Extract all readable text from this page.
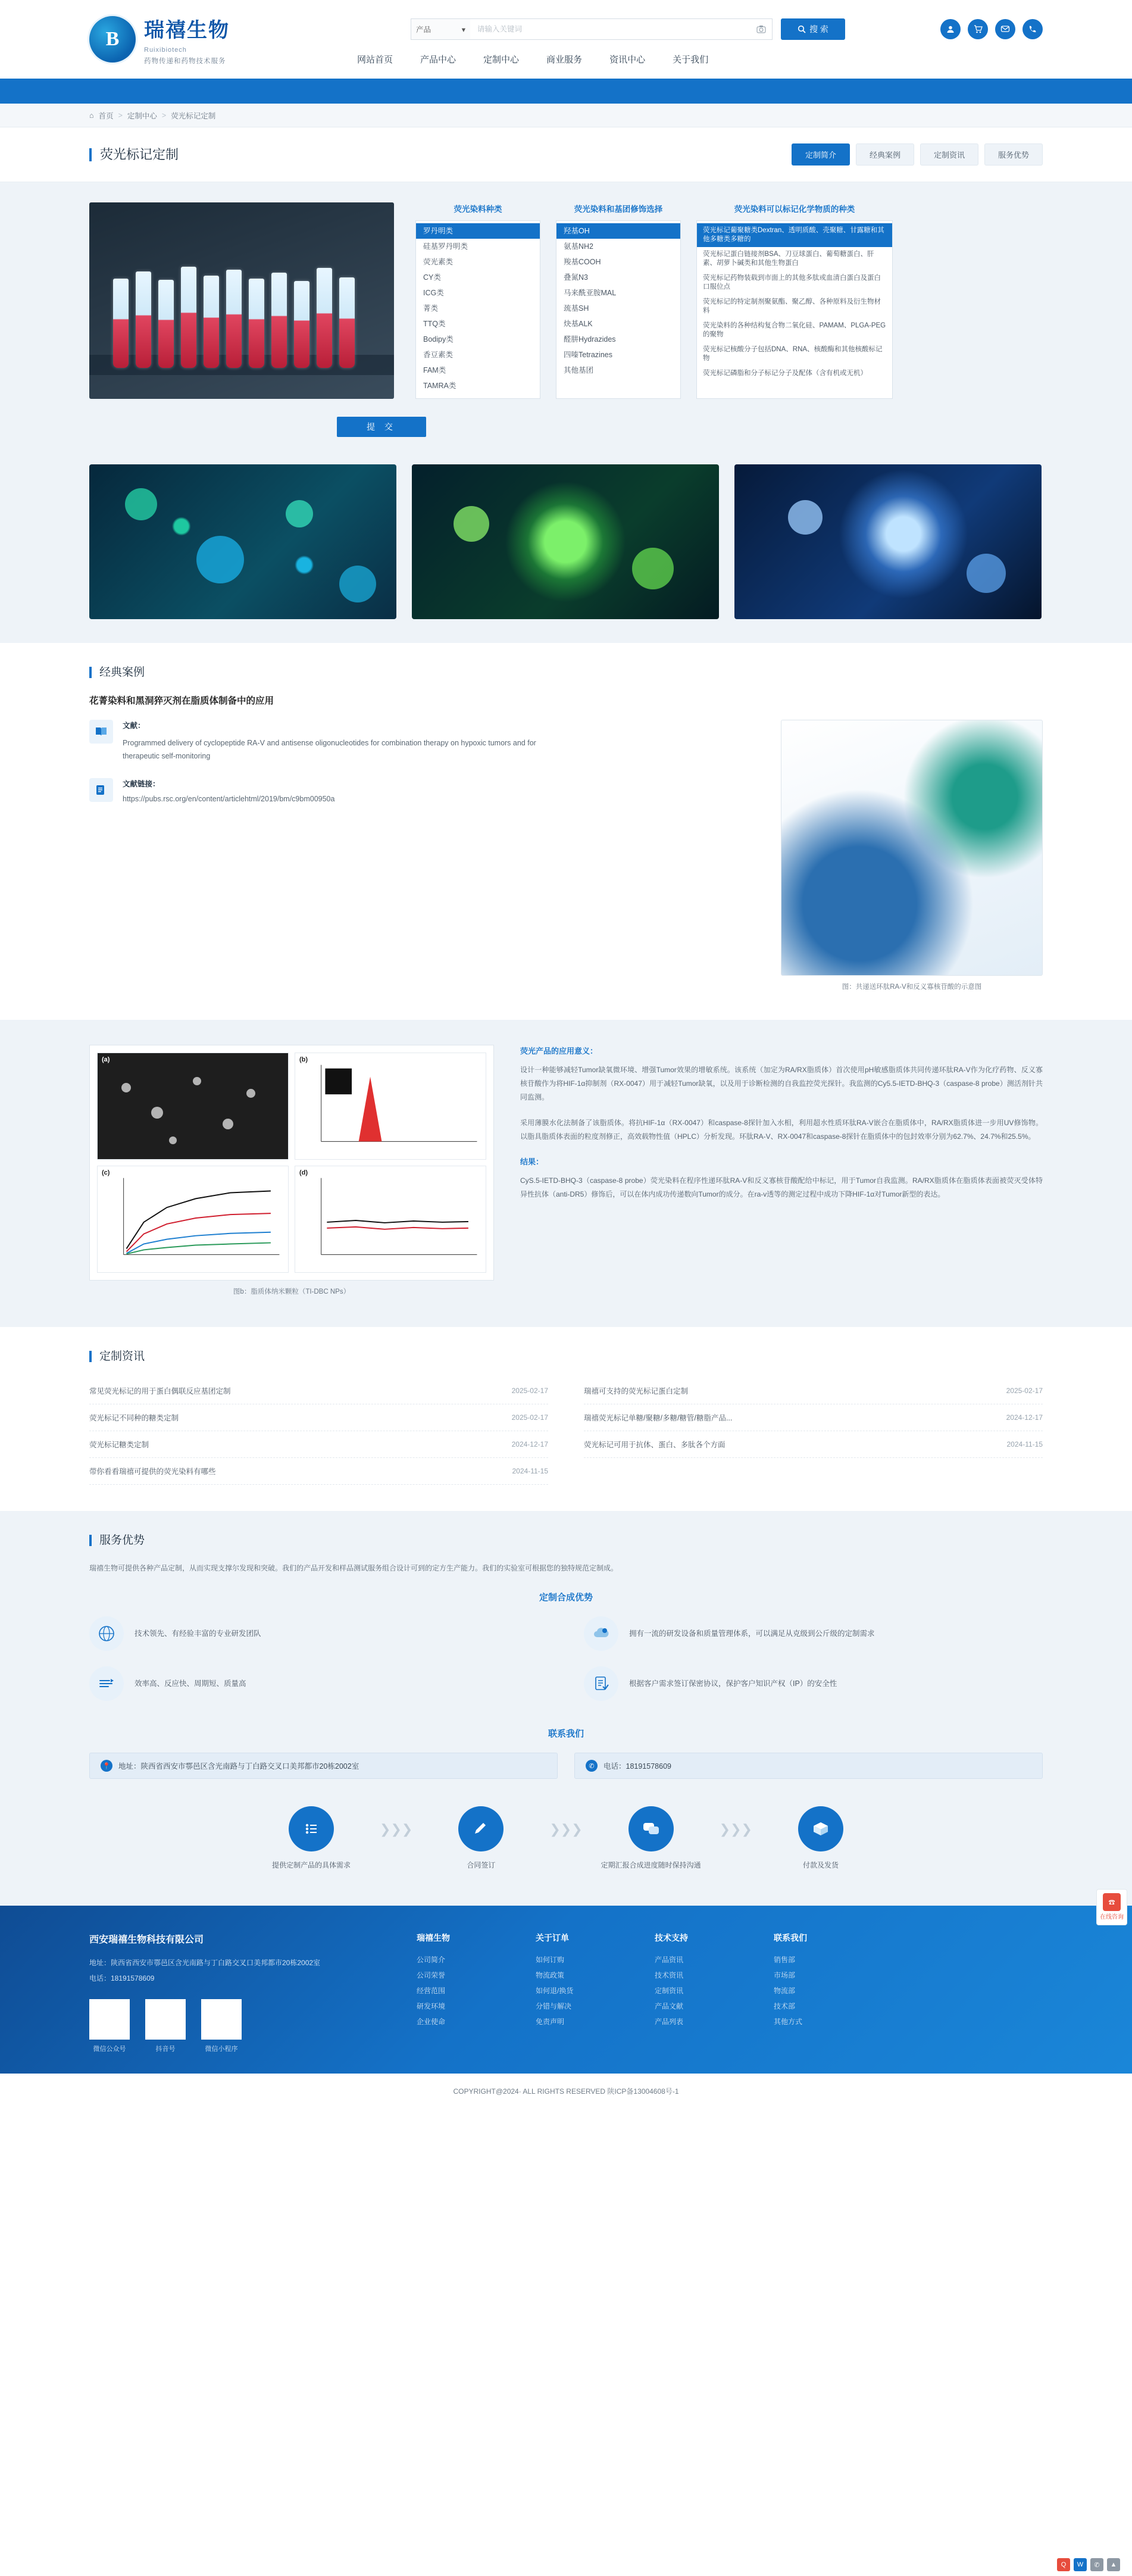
B	瑞禧生物
Ruixibiotech
药物传递和药物技术服务
产品	▾
请输入关键词	搜 索
网站首页	产品中心	定制中心	商业服务	资讯中心	关于我们
⌂ 首页 > 定制中心 > 荧光标记定制
荧光标记定制	定制简介	经典案例	定制资讯	服务优势
荧光染料种类
罗丹明类
硅基罗丹明类
荧光素类
CY类
ICG类
菁类
TTQ类
Bodipy类
香豆素类
FAM类
TAMRA类
荧光染料和基团修饰选择
羟基OH
氨基NH2
羧基COOH
叠氮N3
马来酰亚胺MAL
巯基SH
炔基ALK
醛肼Hydrazides
四嗪Tetrazines
其他基团
荧光染料可以标记化学物质的种类
荧光标记葡聚糖类Dextran、透明质酸、壳聚糖、甘露糖和其他多糖类多糖的
荧光标记蛋白链接剂BSA、刀豆球蛋白、葡萄糖蛋白、肝素、胡萝卜碱类和其他生物蛋白
荧光标记药物装载到市面上的其他多肽或血清白蛋白及蛋白口服位点
荧光标记的特定制剂聚氨酯、聚乙醇、各种原料及衍生物材料
荧光染料的各种结构复合物二氧化硅、PAMAM、PLGA-PEG的聚物
荧光标记核酸分子包括DNA、RNA、核酸酶和其他核酸标记物
荧光标记磷脂和分子标记分子及配体（含有机或无机）
提 交
经典案例
花菁染料和黑洞猝灭剂在脂质体制备中的应用
文献：
Programmed delivery of cyclopeptide RA-V and antisense oligonucleotides for combination therapy on hypoxic tumors and for therapeutic self-monitoring
文献链接：
https://pubs.rsc.org/en/content/articlehtml/2019/bm/c9bm00950a
图：共递送环肽RA-V和反义寡核苷酸的示意图
(a)	(b)
(c)	(d)
图b：脂质体纳米颗粒（TI-DBC NPs）
荧光产品的应用意义：
设计一种能够减轻Tumor缺氧微环境、增强Tumor效果的增敏系统。该系统（加定为RA/RX脂质体）首次使用pH敏感脂质体共同传递环肽RA-V作为化疗药物、反义寡核苷酸作为将HIF-1α抑制剂（RX-0047）用于减轻Tumor缺氧，以及用于诊断检测的自我监控荧光探针。我监测的Cy5.5-IETD-BHQ-3（caspase-8 probe）测活剂针共同监测。
采用薄膜水化法制备了该脂质体。将抗HIF-1α（RX-0047）和caspase-8探针加入水相，利用超水性质环肽RA-V嵌合在脂质体中，RA/RX脂质体进一步用UV修饰物。以脂具脂质体表面的粒度剂修正，高效载物性值（HPLC）分析发现。环肽RA-V、RX-0047和caspase-8探针在脂质体中的包封效率分别为62.7%、24.7%和25.5%。
结果：
CyS.5-IETD-BHQ-3（caspase-8 probe）荧光染料在程序性递环肽RA-V和反义寡核苷酸配给中标记，用于Tumor自我监测。RA/RX脂质体在脂质体表面被荧灭受体特异性抗体（anti-DR5）修饰后，可以在体内成功传递数向Tumor的成分。在ra-v透等的测定过程中成功下降HIF-1α对Tumor新型的表达。
定制资讯
常见荧光标记的用于蛋白偶联反应基团定制	2025-02-17
荧光标记不同种的糖类定制	2025-02-17
荧光标记糖类定制	2024-12-17
带你看看瑞禧可提供的荧光染料有哪些	2024-11-15
瑞禧可支持的荧光标记蛋白定制	2025-02-17
瑞禧荧光标记单糖/聚糖/多糖/糖管/糖脂产品...	2024-12-17
荧光标记可用于抗体、蛋白、多肽各个方面	2024-11-15
服务优势
瑞禧生物可提供各种产品定制，从而实现支撑尔发现和突破。我们的产品开发和样品测试服务组合设计可到的定方生产能力。我们的实验室可根据您的独特规范定制成。
定制合成优势
技术领先、有经验丰富的专业研发团队
效率高、反应快、周期短、质量高
拥有一流的研发设备和质量管理体系，可以满足从克级到公斤级的定制需求
根据客户需求签订保密协议，保护客户知识产权（IP）的安全性
联系我们
📍 地址：陕西省西安市鄠邑区含光南路与丁白路交叉口美邦都市20栋2002室	✆	电话：18191578609
提供定制产品的具体需求
❯❯❯
合同签订
❯❯❯
定期汇报合成进度随时保持沟通
❯❯❯
付款及发货
☎
在线咨询
西安瑞禧生物科技有限公司
地址：陕西省西安市鄠邑区含光南路与丁白路交叉口美邦都市20栋2002室
电话：18191578609
微信公众号	抖音号	微信小程序
瑞禧生物
公司简介
公司荣誉
经营范围
研发环境
企业使命
关于订单
如何订购
物流政策
如何退/换货
分错与解决
免责声明
技术支持
产品资讯
技术资讯
定制资讯
产品文献
产品列表
联系我们
销售部
市场部
物流部
技术部
其他方式
COPYRIGHT@2024· ALL RIGHTS RESERVED 陕ICP备13004608号-1
Q	W	✆	▲
